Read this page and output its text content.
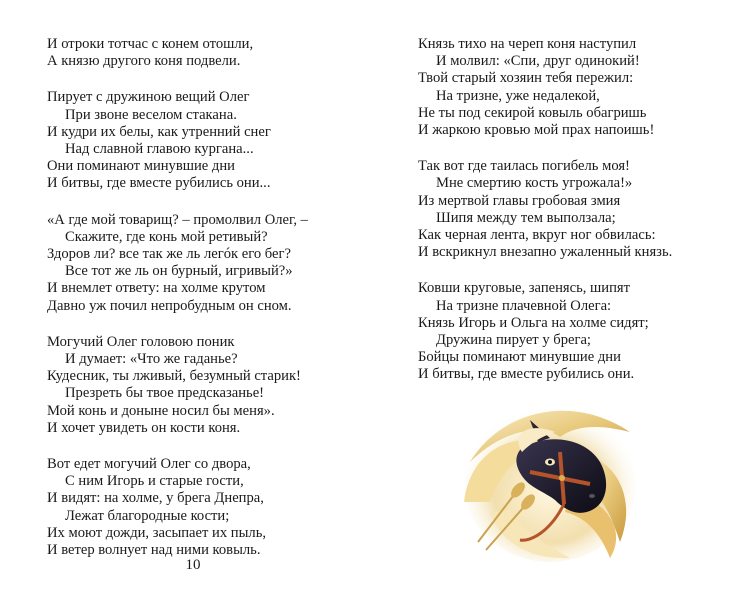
И отроки тотчас с конем отошли,
А князю другого коня подвели.
Пирует с дружиною вещий Олег
При звоне веселом стакана.
И кудри их белы, как утренний снег
Над славной главою кургана...
Они поминают минувшие дни
И битвы, где вместе рубились они...
«А где мой товарищ? – промолвил Олег, –
Скажите, где конь мой ретивый?
Здоров ли? все так же ль легóк его бег?
Все тот же ль он бурный, игривый?»
И внемлет ответу: на холме крутом
Давно уж почил непробудным он сном.
Могучий Олег головою поник
И думает: «Что же гаданье?
Кудесник, ты лживый, безумный старик!
Презреть бы твое предсказанье!
Мой конь и доныне носил бы меня».
И хочет увидеть он кости коня.
Вот едет могучий Олег со двора,
С ним Игорь и старые гости,
И видят: на холме, у брега Днепра,
Лежат благородные кости;
Их моют дожди, засыпает их пыль,
И ветер волнует над ними ковыль.
10
Князь тихо на череп коня наступил
И молвил: «Спи, друг одинокий!
Твой старый хозяин тебя пережил:
На тризне, уже недалекой,
Не ты под секирой ковыль обагришь
И жаркою кровью мой прах напоишь!
Так вот где таилась погибель моя!
Мне смертию кость угрожала!»
Из мертвой главы гробовая змия
Шипя между тем выползала;
Как черная лента, вкруг ног обвилась:
И вскрикнул внезапно ужаленный князь.
Ковши круговые, запенясь, шипят
На тризне плачевной Олега:
Князь Игорь и Ольга на холме сидят;
Дружина пирует у брега;
Бойцы поминают минувшие дни
И битвы, где вместе рубились они.
